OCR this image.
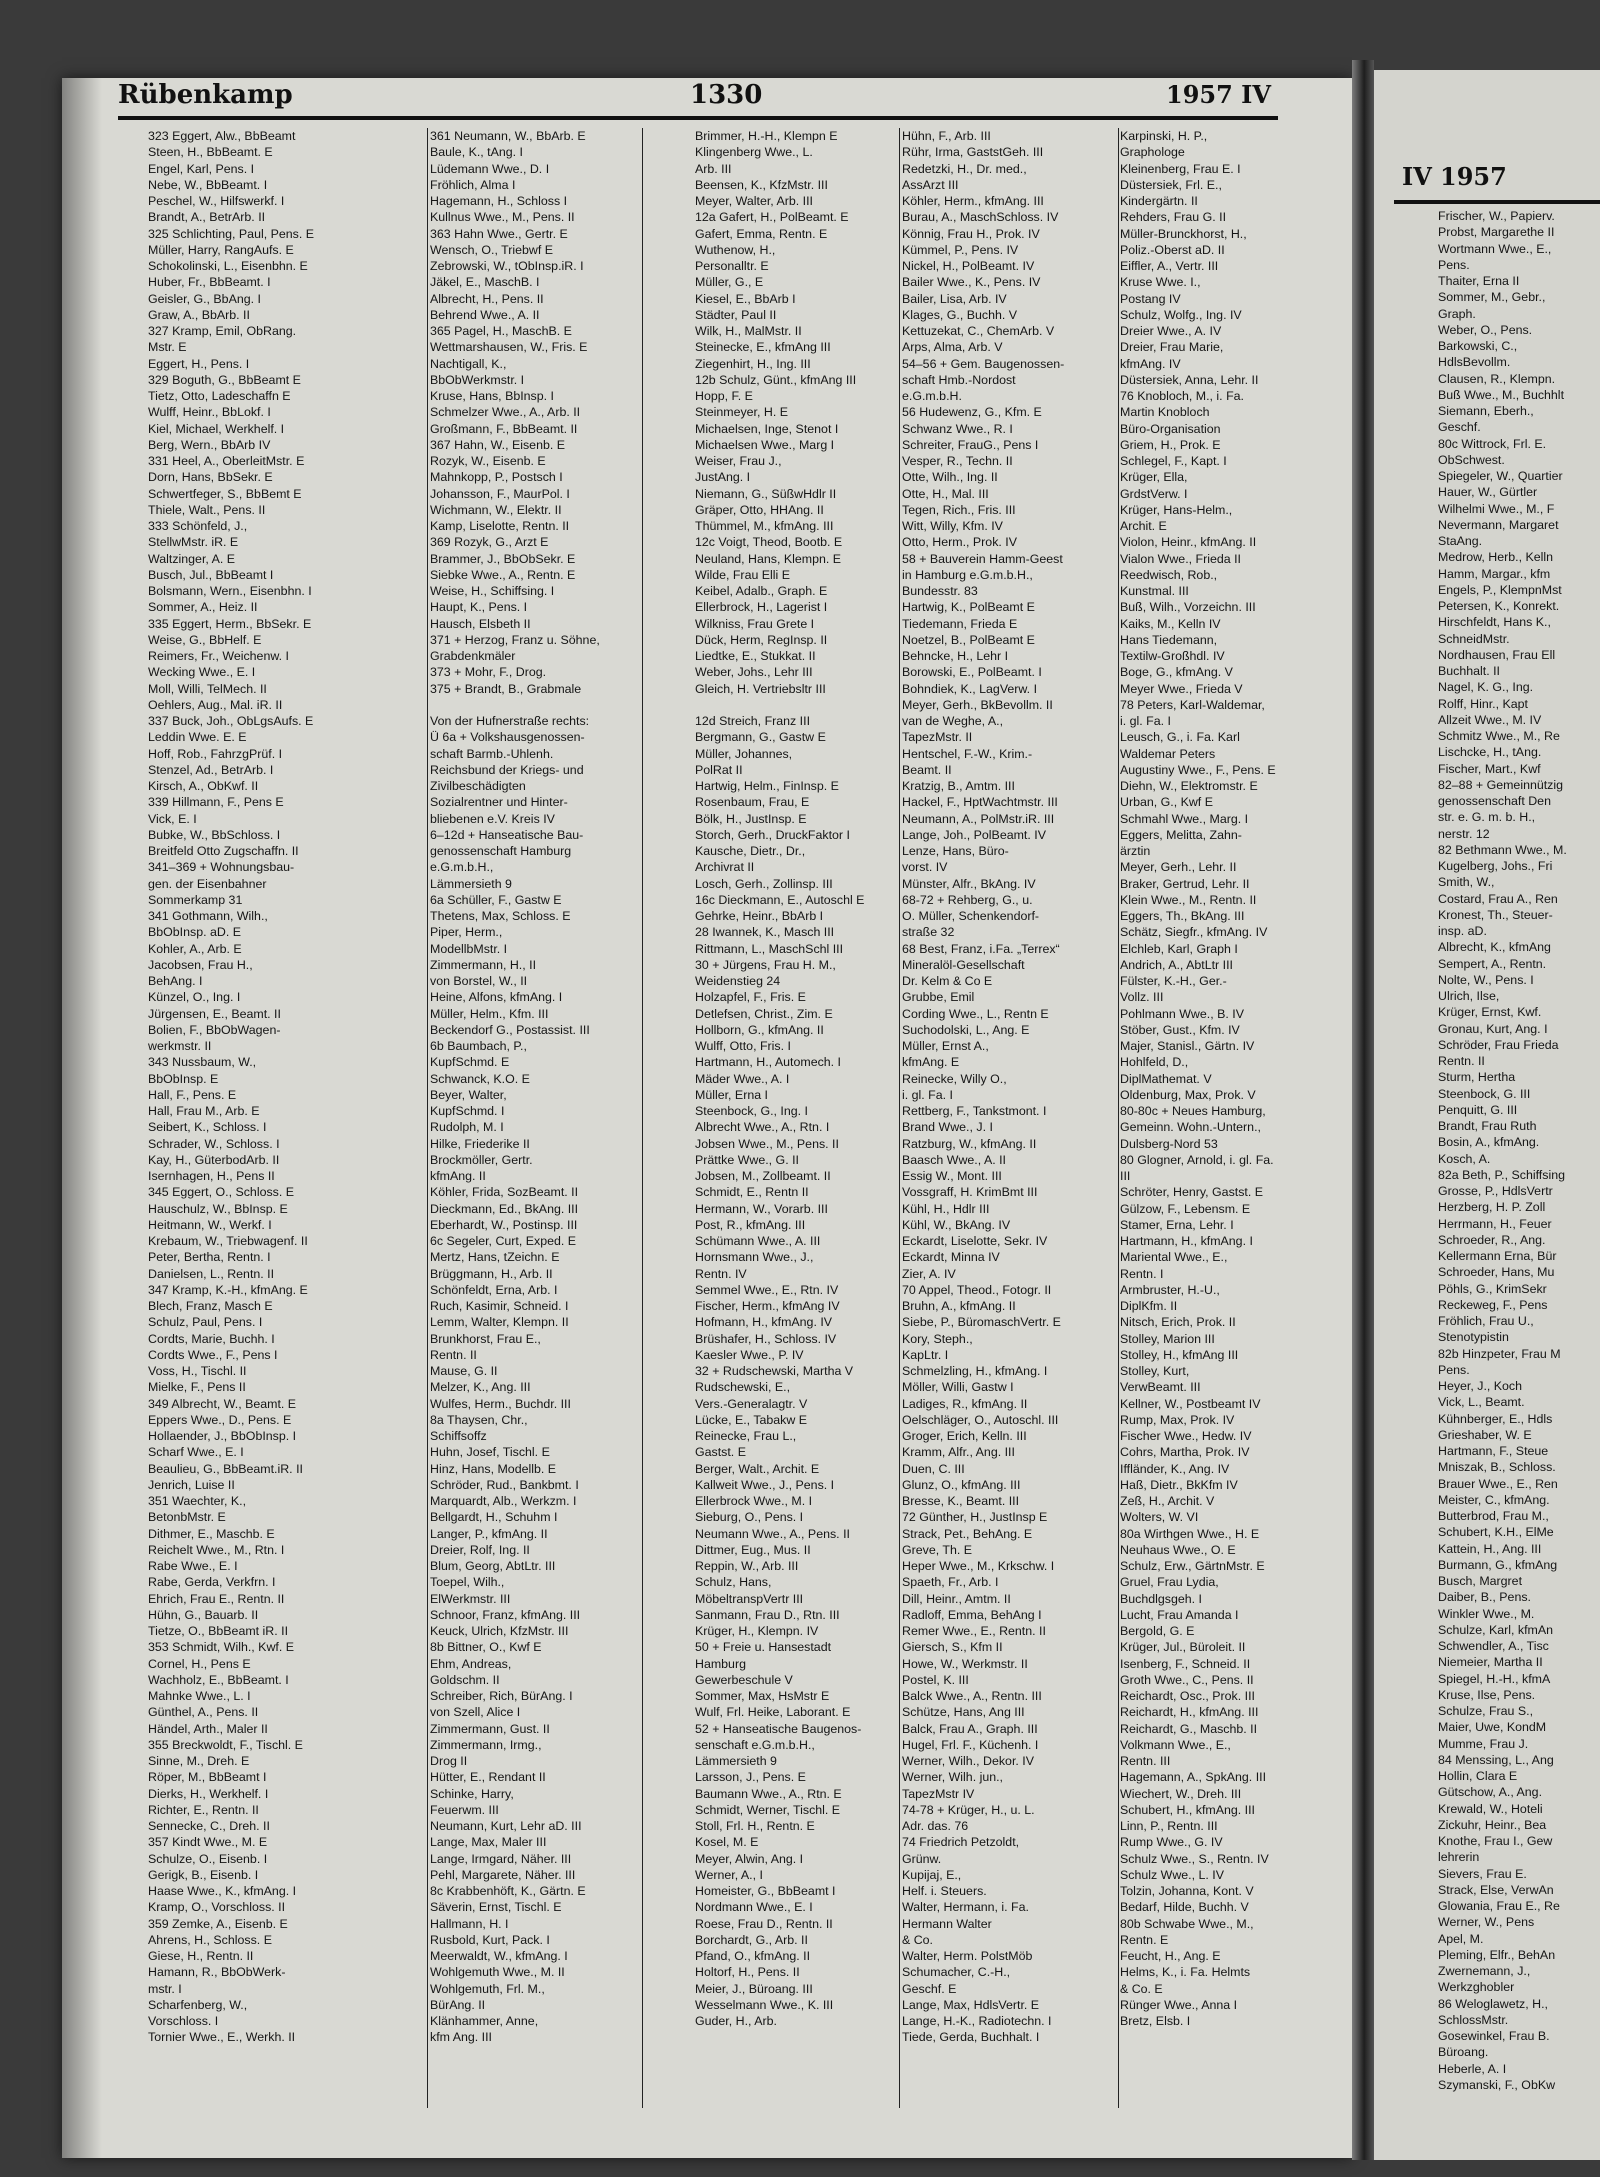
Rübenkamp	1330	1957 IV
323 Eggert, Alw., BbBeamt
Steen, H., BbBeamt. E
Engel, Karl, Pens. I
Nebe, W., BbBeamt. I
Peschel, W., Hilfswerkf. I
Brandt, A., BetrArb. II
325 Schlichting, Paul, Pens. E
Müller, Harry, RangAufs. E
Schokolinski, L., Eisenbhn. E
Huber, Fr., BbBeamt. I
Geisler, G., BbAng. I
Graw, A., BbArb. II
327 Kramp, Emil, ObRang.
Mstr. E
Eggert, H., Pens. I
329 Boguth, G., BbBeamt E
Tietz, Otto, Ladeschaffn E
Wulff, Heinr., BbLokf. I
Kiel, Michael, Werkhelf. I
Berg, Wern., BbArb IV
331 Heel, A., OberleitMstr. E
Dorn, Hans, BbSekr. E
Schwertfeger, S., BbBemt E
Thiele, Walt., Pens. II
333 Schönfeld, J.,
StellwMstr. iR. E
Waltzinger, A. E
Busch, Jul., BbBeamt I
Bolsmann, Wern., Eisenbhn. I
Sommer, A., Heiz. II
335 Eggert, Herm., BbSekr. E
Weise, G., BbHelf. E
Reimers, Fr., Weichenw. I
Wecking Wwe., E. I
Moll, Willi, TelMech. II
Oehlers, Aug., Mal. iR. II
337 Buck, Joh., ObLgsAufs. E
Leddin Wwe. E. E
Hoff, Rob., FahrzgPrüf. I
Stenzel, Ad., BetrArb. I
Kirsch, A., ObKwf. II
339 Hillmann, F., Pens E
Vick, E. I
Bubke, W., BbSchloss. I
Breitfeld Otto Zugschaffn. II
341–369 + Wohnungsbau-
gen. der Eisenbahner
Sommerkamp 31
341 Gothmann, Wilh.,
BbObInsp. aD. E
Kohler, A., Arb. E
Jacobsen, Frau H.,
BehAng. I
Künzel, O., Ing. I
Jürgensen, E., Beamt. II
Bolien, F., BbObWagen-
werkmstr. II
343 Nussbaum, W.,
BbObInsp. E
Hall, F., Pens. E
Hall, Frau M., Arb. E
Seibert, K., Schloss. I
Schrader, W., Schloss. I
Kay, H., GüterbodArb. II
Isernhagen, H., Pens II
345 Eggert, O., Schloss. E
Hauschulz, W., BbInsp. E
Heitmann, W., Werkf. I
Krebaum, W., Triebwagenf. II
Peter, Bertha, Rentn. I
Danielsen, L., Rentn. II
347 Kramp, K.-H., kfmAng. E
Blech, Franz, Masch E
Schulz, Paul, Pens. I
Cordts, Marie, Buchh. I
Cordts Wwe., F., Pens I
Voss, H., Tischl. II
Mielke, F., Pens II
349 Albrecht, W., Beamt. E
Eppers Wwe., D., Pens. E
Hollaender, J., BbObInsp. I
Scharf Wwe., E. I
Beaulieu, G., BbBeamt.iR. II
Jenrich, Luise II
351 Waechter, K.,
BetonbMstr. E
Dithmer, E., Maschb. E
Reichelt Wwe., M., Rtn. I
Rabe Wwe., E. I
Rabe, Gerda, Verkfrn. I
Ehrich, Frau E., Rentn. II
Hühn, G., Bauarb. II
Tietze, O., BbBeamt iR. II
353 Schmidt, Wilh., Kwf. E
Cornel, H., Pens E
Wachholz, E., BbBeamt. I
Mahnke Wwe., L. I
Günthel, A., Pens. II
Händel, Arth., Maler II
355 Breckwoldt, F., Tischl. E
Sinne, M., Dreh. E
Röper, M., BbBeamt I
Dierks, H., Werkhelf. I
Richter, E., Rentn. II
Sennecke, C., Dreh. II
357 Kindt Wwe., M. E
Schulze, O., Eisenb. I
Gerigk, B., Eisenb. I
Haase Wwe., K., kfmAng. I
Kramp, O., Vorschloss. II
359 Zemke, A., Eisenb. E
Ahrens, H., Schloss. E
Giese, H., Rentn. II
Hamann, R., BbObWerk-
mstr. I
Scharfenberg, W.,
Vorschloss. I
Tornier Wwe., E., Werkh. II
361 Neumann, W., BbArb. E
Baule, K., tAng. I
Lüdemann Wwe., D. I
Fröhlich, Alma I
Hagemann, H., Schloss I
Kullnus Wwe., M., Pens. II
363 Hahn Wwe., Gertr. E
Wensch, O., Triebwf E
Zebrowski, W., tObInsp.iR. I
Jäkel, E., MaschB. I
Albrecht, H., Pens. II
Behrend Wwe., A. II
365 Pagel, H., MaschB. E
Wettmarshausen, W., Fris. E
Nachtigall, K.,
BbObWerkmstr. I
Kruse, Hans, BbInsp. I
Schmelzer Wwe., A., Arb. II
Großmann, F., BbBeamt. II
367 Hahn, W., Eisenb. E
Rozyk, W., Eisenb. E
Mahnkopp, P., Postsch I
Johansson, F., MaurPol. I
Wichmann, W., Elektr. II
Kamp, Liselotte, Rentn. II
369 Rozyk, G., Arzt E
Brammer, J., BbObSekr. E
Siebke Wwe., A., Rentn. E
Weise, H., Schiffsing. I
Haupt, K., Pens. I
Hausch, Elsbeth II
371 + Herzog, Franz u. Söhne,
Grabdenkmäler
373 + Mohr, F., Drog.
375 + Brandt, B., Grabmale
Von der Hufnerstraße rechts:
Ü 6a + Volkshausgenossen-
schaft Barmb.-Uhlenh.
Reichsbund der Kriegs- und
Zivilbeschädigten
Sozialrentner und Hinter-
bliebenen e.V. Kreis IV
6–12d + Hanseatische Bau-
genossenschaft Hamburg
e.G.m.b.H.,
Lämmersieth 9
6a Schüller, F., Gastw E
Thetens, Max, Schloss. E
Piper, Herm.,
ModellbMstr. I
Zimmermann, H., II
von Borstel, W., II
Heine, Alfons, kfmAng. I
Müller, Helm., Kfm. III
Beckendorf G., Postassist. III
6b Baumbach, P.,
KupfSchmd. E
Schwanck, K.O. E
Beyer, Walter,
KupfSchmd. I
Rudolph, M. I
Hilke, Friederike II
Brockmöller, Gertr.
kfmAng. II
Köhler, Frida, SozBeamt. II
Dieckmann, Ed., BkAng. III
Eberhardt, W., Postinsp. III
6c Segeler, Curt, Exped. E
Mertz, Hans, tZeichn. E
Brüggmann, H., Arb. II
Schönfeldt, Erna, Arb. I
Ruch, Kasimir, Schneid. I
Lemm, Walter, Klempn. II
Brunkhorst, Frau E.,
Rentn. II
Mause, G. II
Melzer, K., Ang. III
Wulfes, Herm., Buchdr. III
8a Thaysen, Chr.,
Schiffsoffz
Huhn, Josef, Tischl. E
Hinz, Hans, Modellb. E
Schröder, Rud., Bankbmt. I
Marquardt, Alb., Werkzm. I
Bellgardt, H., Schuhm I
Langer, P., kfmAng. II
Dreier, Rolf, Ing. II
Blum, Georg, AbtLtr. III
Toepel, Wilh.,
ElWerkmstr. III
Schnoor, Franz, kfmAng. III
Keuck, Ulrich, KfzMstr. III
8b Bittner, O., Kwf E
Ehm, Andreas,
Goldschm. II
Schreiber, Rich, BürAng. I
von Szell, Alice I
Zimmermann, Gust. II
Zimmermann, Irmg.,
Drog II
Hütter, E., Rendant II
Schinke, Harry,
Feuerwm. III
Neumann, Kurt, Lehr aD. III
Lange, Max, Maler III
Lange, Irmgard, Näher. III
Pehl, Margarete, Näher. III
8c Krabbenhöft, K., Gärtn. E
Säverin, Ernst, Tischl. E
Hallmann, H. I
Rusbold, Kurt, Pack. I
Meerwaldt, W., kfmAng. I
Wohlgemuth Wwe., M. II
Wohlgemuth, Frl. M.,
BürAng. II
Klänhammer, Anne,
kfm Ang. III
Brimmer, H.-H., Klempn E
Klingenberg Wwe., L.
Arb. III
Beensen, K., KfzMstr. III
Meyer, Walter, Arb. III
12a Gafert, H., PolBeamt. E
Gafert, Emma, Rentn. E
Wuthenow, H.,
Personalltr. E
Müller, G., E
Kiesel, E., BbArb I
Städter, Paul II
Wilk, H., MalMstr. II
Steinecke, E., kfmAng III
Ziegenhirt, H., Ing. III
12b Schulz, Günt., kfmAng III
Hopp, F. E
Steinmeyer, H. E
Michaelsen, Inge, Stenot I
Michaelsen Wwe., Marg I
Weiser, Frau J.,
JustAng. I
Niemann, G., SüßwHdlr II
Gräper, Otto, HHAng. II
Thümmel, M., kfmAng. III
12c Voigt, Theod, Bootb. E
Neuland, Hans, Klempn. E
Wilde, Frau Elli E
Keibel, Adalb., Graph. E
Ellerbrock, H., Lagerist I
Wilkniss, Frau Grete I
Dück, Herm, RegInsp. II
Liedtke, E., Stukkat. II
Weber, Johs., Lehr III
Gleich, H. Vertriebsltr III
12d Streich, Franz III
Bergmann, G., Gastw E
Müller, Johannes,
PolRat II
Hartwig, Helm., FinInsp. E
Rosenbaum, Frau, E
Bölk, H., JustInsp. E
Storch, Gerh., DruckFaktor I
Kausche, Dietr., Dr.,
Archivrat II
Losch, Gerh., Zollinsp. III
16c Dieckmann, E., Autoschl E
Gehrke, Heinr., BbArb I
28 Iwannek, K., Masch III
Rittmann, L., MaschSchl III
30 + Jürgens, Frau H. M.,
Weidenstieg 24
Holzapfel, F., Fris. E
Detlefsen, Christ., Zim. E
Hollborn, G., kfmAng. II
Wulff, Otto, Fris. I
Hartmann, H., Automech. I
Mäder Wwe., A. I
Müller, Erna I
Steenbock, G., Ing. I
Albrecht Wwe., A., Rtn. I
Jobsen Wwe., M., Pens. II
Prättke Wwe., G. II
Jobsen, M., Zollbeamt. II
Schmidt, E., Rentn II
Hermann, W., Vorarb. III
Post, R., kfmAng. III
Schümann Wwe., A. III
Hornsmann Wwe., J.,
Rentn. IV
Semmel Wwe., E., Rtn. IV
Fischer, Herm., kfmAng IV
Hofmann, H., kfmAng. IV
Brüshafer, H., Schloss. IV
Kaesler Wwe., P. IV
32 + Rudschewski, Martha V
Rudschewski, E.,
Vers.-Generalagtr. V
Lücke, E., Tabakw E
Reinecke, Frau L.,
Gastst. E
Berger, Walt., Archit. E
Kallweit Wwe., J., Pens. I
Ellerbrock Wwe., M. I
Sieburg, O., Pens. I
Neumann Wwe., A., Pens. II
Dittmer, Eug., Mus. II
Reppin, W., Arb. III
Schulz, Hans,
MöbeltranspVertr III
Sanmann, Frau D., Rtn. III
Krüger, H., Klempn. IV
50 + Freie u. Hansestadt
Hamburg
Gewerbeschule V
Sommer, Max, HsMstr E
Wulf, Frl. Heike, Laborant. E
52 + Hanseatische Baugenos-
senschaft e.G.m.b.H.,
Lämmersieth 9
Larsson, J., Pens. E
Baumann Wwe., A., Rtn. E
Schmidt, Werner, Tischl. E
Stoll, Frl. H., Rentn. E
Kosel, M. E
Meyer, Alwin, Ang. I
Werner, A., I
Homeister, G., BbBeamt I
Nordmann Wwe., E. I
Roese, Frau D., Rentn. II
Borchardt, G., Arb. II
Pfand, O., kfmAng. II
Holtorf, H., Pens. II
Meier, J., Büroang. III
Wesselmann Wwe., K. III
Guder, H., Arb.
Hühn, F., Arb. III
Rühr, Irma, GaststGeh. III
Redetzki, H., Dr. med.,
AssArzt III
Köhler, Herm., kfmAng. III
Burau, A., MaschSchloss. IV
Könnig, Frau H., Prok. IV
Kümmel, P., Pens. IV
Nickel, H., PolBeamt. IV
Bailer Wwe., K., Pens. IV
Bailer, Lisa, Arb. IV
Klages, G., Buchh. V
Kettuzekat, C., ChemArb. V
Arps, Alma, Arb. V
54–56 + Gem. Baugenossen-
schaft Hmb.-Nordost
e.G.m.b.H.
56 Hudewenz, G., Kfm. E
Schwanz Wwe., R. I
Schreiter, FrauG., Pens I
Vesper, R., Techn. II
Otte, Wilh., Ing. II
Otte, H., Mal. III
Tegen, Rich., Fris. III
Witt, Willy, Kfm. IV
Otto, Herm., Prok. IV
58 + Bauverein Hamm-Geest
in Hamburg e.G.m.b.H.,
Bundesstr. 83
Hartwig, K., PolBeamt E
Tiedemann, Frieda E
Noetzel, B., PolBeamt E
Behncke, H., Lehr I
Borowski, E., PolBeamt. I
Bohndiek, K., LagVerw. I
Meyer, Gerh., BkBevollm. II
van de Weghe, A.,
TapezMstr. II
Hentschel, F.-W., Krim.-
Beamt. II
Kratzig, B., Amtm. III
Hackel, F., HptWachtmstr. III
Neumann, A., PolMstr.iR. III
Lange, Joh., PolBeamt. IV
Lenze, Hans, Büro-
vorst. IV
Münster, Alfr., BkAng. IV
68-72 + Rehberg, G., u.
O. Müller, Schenkendorf-
straße 32
68 Best, Franz, i.Fa. „Terrex“
Mineralöl-Gesellschaft
Dr. Kelm & Co E
Grubbe, Emil
Cording Wwe., L., Rentn E
Suchodolski, L., Ang. E
Müller, Ernst A.,
kfmAng. E
Reinecke, Willy O.,
i. gl. Fa. I
Rettberg, F., Tankstmont. I
Brand Wwe., J. I
Ratzburg, W., kfmAng. II
Baasch Wwe., A. II
Essig W., Mont. III
Vossgraff, H. KrimBmt III
Kühl, H., Hdlr III
Kühl, W., BkAng. IV
Eckardt, Liselotte, Sekr. IV
Eckardt, Minna IV
Zier, A. IV
70 Appel, Theod., Fotogr. II
Bruhn, A., kfmAng. II
Siebe, P., BüromaschVertr. E
Kory, Steph.,
KapLtr. I
Schmelzling, H., kfmAng. I
Möller, Willi, Gastw I
Ladiges, R., kfmAng. II
Oelschläger, O., Autoschl. III
Groger, Erich, Kelln. III
Kramm, Alfr., Ang. III
Duen, C. III
Glunz, O., kfmAng. III
Bresse, K., Beamt. III
72 Günther, H., JustInsp E
Strack, Pet., BehAng. E
Greve, Th. E
Heper Wwe., M., Krkschw. I
Spaeth, Fr., Arb. I
Dill, Heinr., Amtm. II
Radloff, Emma, BehAng I
Remer Wwe., E., Rentn. II
Giersch, S., Kfm II
Howe, W., Werkmstr. II
Postel, K. III
Balck Wwe., A., Rentn. III
Schütze, Hans, Ang III
Balck, Frau A., Graph. III
Hugel, Frl. F., Küchenh. I
Werner, Wilh., Dekor. IV
Werner, Wilh. jun.,
TapezMstr IV
74-78 + Krüger, H., u. L.
Adr. das. 76
74 Friedrich Petzoldt,
Grünw.
Kupijaj, E.,
Helf. i. Steuers.
Walter, Hermann, i. Fa.
Hermann Walter
& Co.
Walter, Herm. PolstMöb
Schumacher, C.-H.,
Geschf. E
Lange, Max, HdlsVertr. E
Lange, H.-K., Radiotechn. I
Tiede, Gerda, Buchhalt. I
Karpinski, H. P.,
Graphologe
Kleinenberg, Frau E. I
Düstersiek, Frl. E.,
Kindergärtn. II
Rehders, Frau G. II
Müller-Brunckhorst, H.,
Poliz.-Oberst aD. II
Eiffler, A., Vertr. III
Kruse Wwe. I.,
Postang IV
Schulz, Wolfg., Ing. IV
Dreier Wwe., A. IV
Dreier, Frau Marie,
kfmAng. IV
Düstersiek, Anna, Lehr. II
76 Knobloch, M., i. Fa.
Martin Knobloch
Büro-Organisation
Griem, H., Prok. E
Schlegel, F., Kapt. I
Krüger, Ella,
GrdstVerw. I
Krüger, Hans-Helm.,
Archit. E
Violon, Heinr., kfmAng. II
Vialon Wwe., Frieda II
Reedwisch, Rob.,
Kunstmal. III
Buß, Wilh., Vorzeichn. III
Kaiks, M., Kelln IV
Hans Tiedemann,
Textilw-Großhdl. IV
Boge, G., kfmAng. V
Meyer Wwe., Frieda V
78 Peters, Karl-Waldemar,
i. gl. Fa. I
Leusch, G., i. Fa. Karl
Waldemar Peters
Augustiny Wwe., F., Pens. E
Diehn, W., Elektromstr. E
Urban, G., Kwf E
Schmahl Wwe., Marg. I
Eggers, Melitta, Zahn-
ärztin
Meyer, Gerh., Lehr. II
Braker, Gertrud, Lehr. II
Klein Wwe., M., Rentn. II
Eggers, Th., BkAng. III
Schätz, Siegfr., kfmAng. IV
Elchleb, Karl, Graph I
Andrich, A., AbtLtr III
Fülster, K.-H., Ger.-
Vollz. III
Pohlmann Wwe., B. IV
Stöber, Gust., Kfm. IV
Majer, Stanisl., Gärtn. IV
Hohlfeld, D.,
DiplMathemat. V
Oldenburg, Max, Prok. V
80-80c + Neues Hamburg,
Gemeinn. Wohn.-Untern.,
Dulsberg-Nord 53
80 Glogner, Arnold, i. gl. Fa.
III
Schröter, Henry, Gastst. E
Gülzow, F., Lebensm. E
Stamer, Erna, Lehr. I
Hartmann, H., kfmAng. I
Mariental Wwe., E.,
Rentn. I
Armbruster, H.-U.,
DiplKfm. II
Nitsch, Erich, Prok. II
Stolley, Marion III
Stolley, H., kfmAng III
Stolley, Kurt,
VerwBeamt. III
Kellner, W., Postbeamt IV
Rump, Max, Prok. IV
Fischer Wwe., Hedw. IV
Cohrs, Martha, Prok. IV
Iffländer, K., Ang. IV
Haß, Dietr., BkKfm IV
Zeß, H., Archit. V
Wolters, W. VI
80a Wirthgen Wwe., H. E
Neuhaus Wwe., O. E
Schulz, Erw., GärtnMstr. E
Gruel, Frau Lydia,
Buchdlgsgeh. I
Lucht, Frau Amanda I
Bergold, G. E
Krüger, Jul., Büroleit. II
Isenberg, F., Schneid. II
Groth Wwe., C., Pens. II
Reichardt, Osc., Prok. III
Reichardt, H., kfmAng. III
Reichardt, G., Maschb. II
Volkmann Wwe., E.,
Rentn. III
Hagemann, A., SpkAng. III
Wiechert, W., Dreh. III
Schubert, H., kfmAng. III
Linn, P., Rentn. III
Rump Wwe., G. IV
Schulz Wwe., S., Rentn. IV
Schulz Wwe., L. IV
Tolzin, Johanna, Kont. V
Bedarf, Hilde, Buchh. V
80b Schwabe Wwe., M.,
Rentn. E
Feucht, H., Ang. E
Helms, K., i. Fa. Helmts
& Co. E
Rünger Wwe., Anna I
Bretz, Elsb. I
IV 1957
Frischer, W., Papierv.
Probst, Margarethe II
Wortmann Wwe., E.,
Pens.
Thaiter, Erna II
Sommer, M., Gebr.,
Graph.
Weber, O., Pens.
Barkowski, C.,
HdlsBevollm.
Clausen, R., Klempn.
Buß Wwe., M., Buchhlt
Siemann, Eberh.,
Geschf.
80c Wittrock, Frl. E.
ObSchwest.
Spiegeler, W., Quartier
Hauer, W., Gürtler
Wilhelmi Wwe., M., F
Nevermann, Margaret
StaAng.
Medrow, Herb., Kelln
Hamm, Margar., kfm
Engels, P., KlempnMst
Petersen, K., Konrekt.
Hirschfeldt, Hans K.,
SchneidMstr.
Nordhausen, Frau Ell
Buchhalt. II
Nagel, K. G., Ing.
Rolff, Hinr., Kapt
Allzeit Wwe., M. IV
Schmitz Wwe., M., Re
Lischcke, H., tAng.
Fischer, Mart., Kwf
82–88 + Gemeinnützig
genossenschaft Den
str. e. G. m. b. H.,
nerstr. 12
82 Bethmann Wwe., M.
Kugelberg, Johs., Fri
Smith, W.,
Costard, Frau A., Ren
Kronest, Th., Steuer-
insp. aD.
Albrecht, K., kfmAng
Sempert, A., Rentn.
Nolte, W., Pens. I
Ulrich, Ilse,
Krüger, Ernst, Kwf.
Gronau, Kurt, Ang. I
Schröder, Frau Frieda
Rentn. II
Sturm, Hertha
Steenbock, G. III
Penquitt, G. III
Brandt, Frau Ruth
Bosin, A., kfmAng.
Kosch, A.
82a Beth, P., Schiffsing
Grosse, P., HdlsVertr
Herzberg, H. P. Zoll
Herrmann, H., Feuer
Schroeder, R., Ang.
Kellermann Erna, Bür
Schroeder, Hans, Mu
Pöhls, G., KrimSekr
Reckeweg, F., Pens
Fröhlich, Frau U.,
Stenotypistin
82b Hinzpeter, Frau M
Pens.
Heyer, J., Koch
Vick, L., Beamt.
Kühnberger, E., Hdls
Grieshaber, W. E
Hartmann, F., Steue
Mniszak, B., Schloss.
Brauer Wwe., E., Ren
Meister, C., kfmAng.
Butterbrod, Frau M.,
Schubert, K.H., ElMe
Kattein, H., Ang. III
Burmann, G., kfmAng
Busch, Margret
Daiber, B., Pens.
Winkler Wwe., M.
Schulze, Karl, kfmAn
Schwendler, A., Tisc
Niemeier, Martha II
Spiegel, H.-H., kfmA
Kruse, Ilse, Pens.
Schulze, Frau S.,
Maier, Uwe, KondM
Mumme, Frau J.
84 Menssing, L., Ang
Hollin, Clara E
Gütschow, A., Ang.
Krewald, W., Hoteli
Zickuhr, Heinr., Bea
Knothe, Frau I., Gew
lehrerin
Sievers, Frau E.
Strack, Else, VerwAn
Glowania, Frau E., Re
Werner, W., Pens
Apel, M.
Pleming, Elfr., BehAn
Zwernemann, J.,
Werkzghobler
86 Weloglawetz, H.,
SchlossMstr.
Gosewinkel, Frau B.
Büroang.
Heberle, A. I
Szymanski, F., ObKw
